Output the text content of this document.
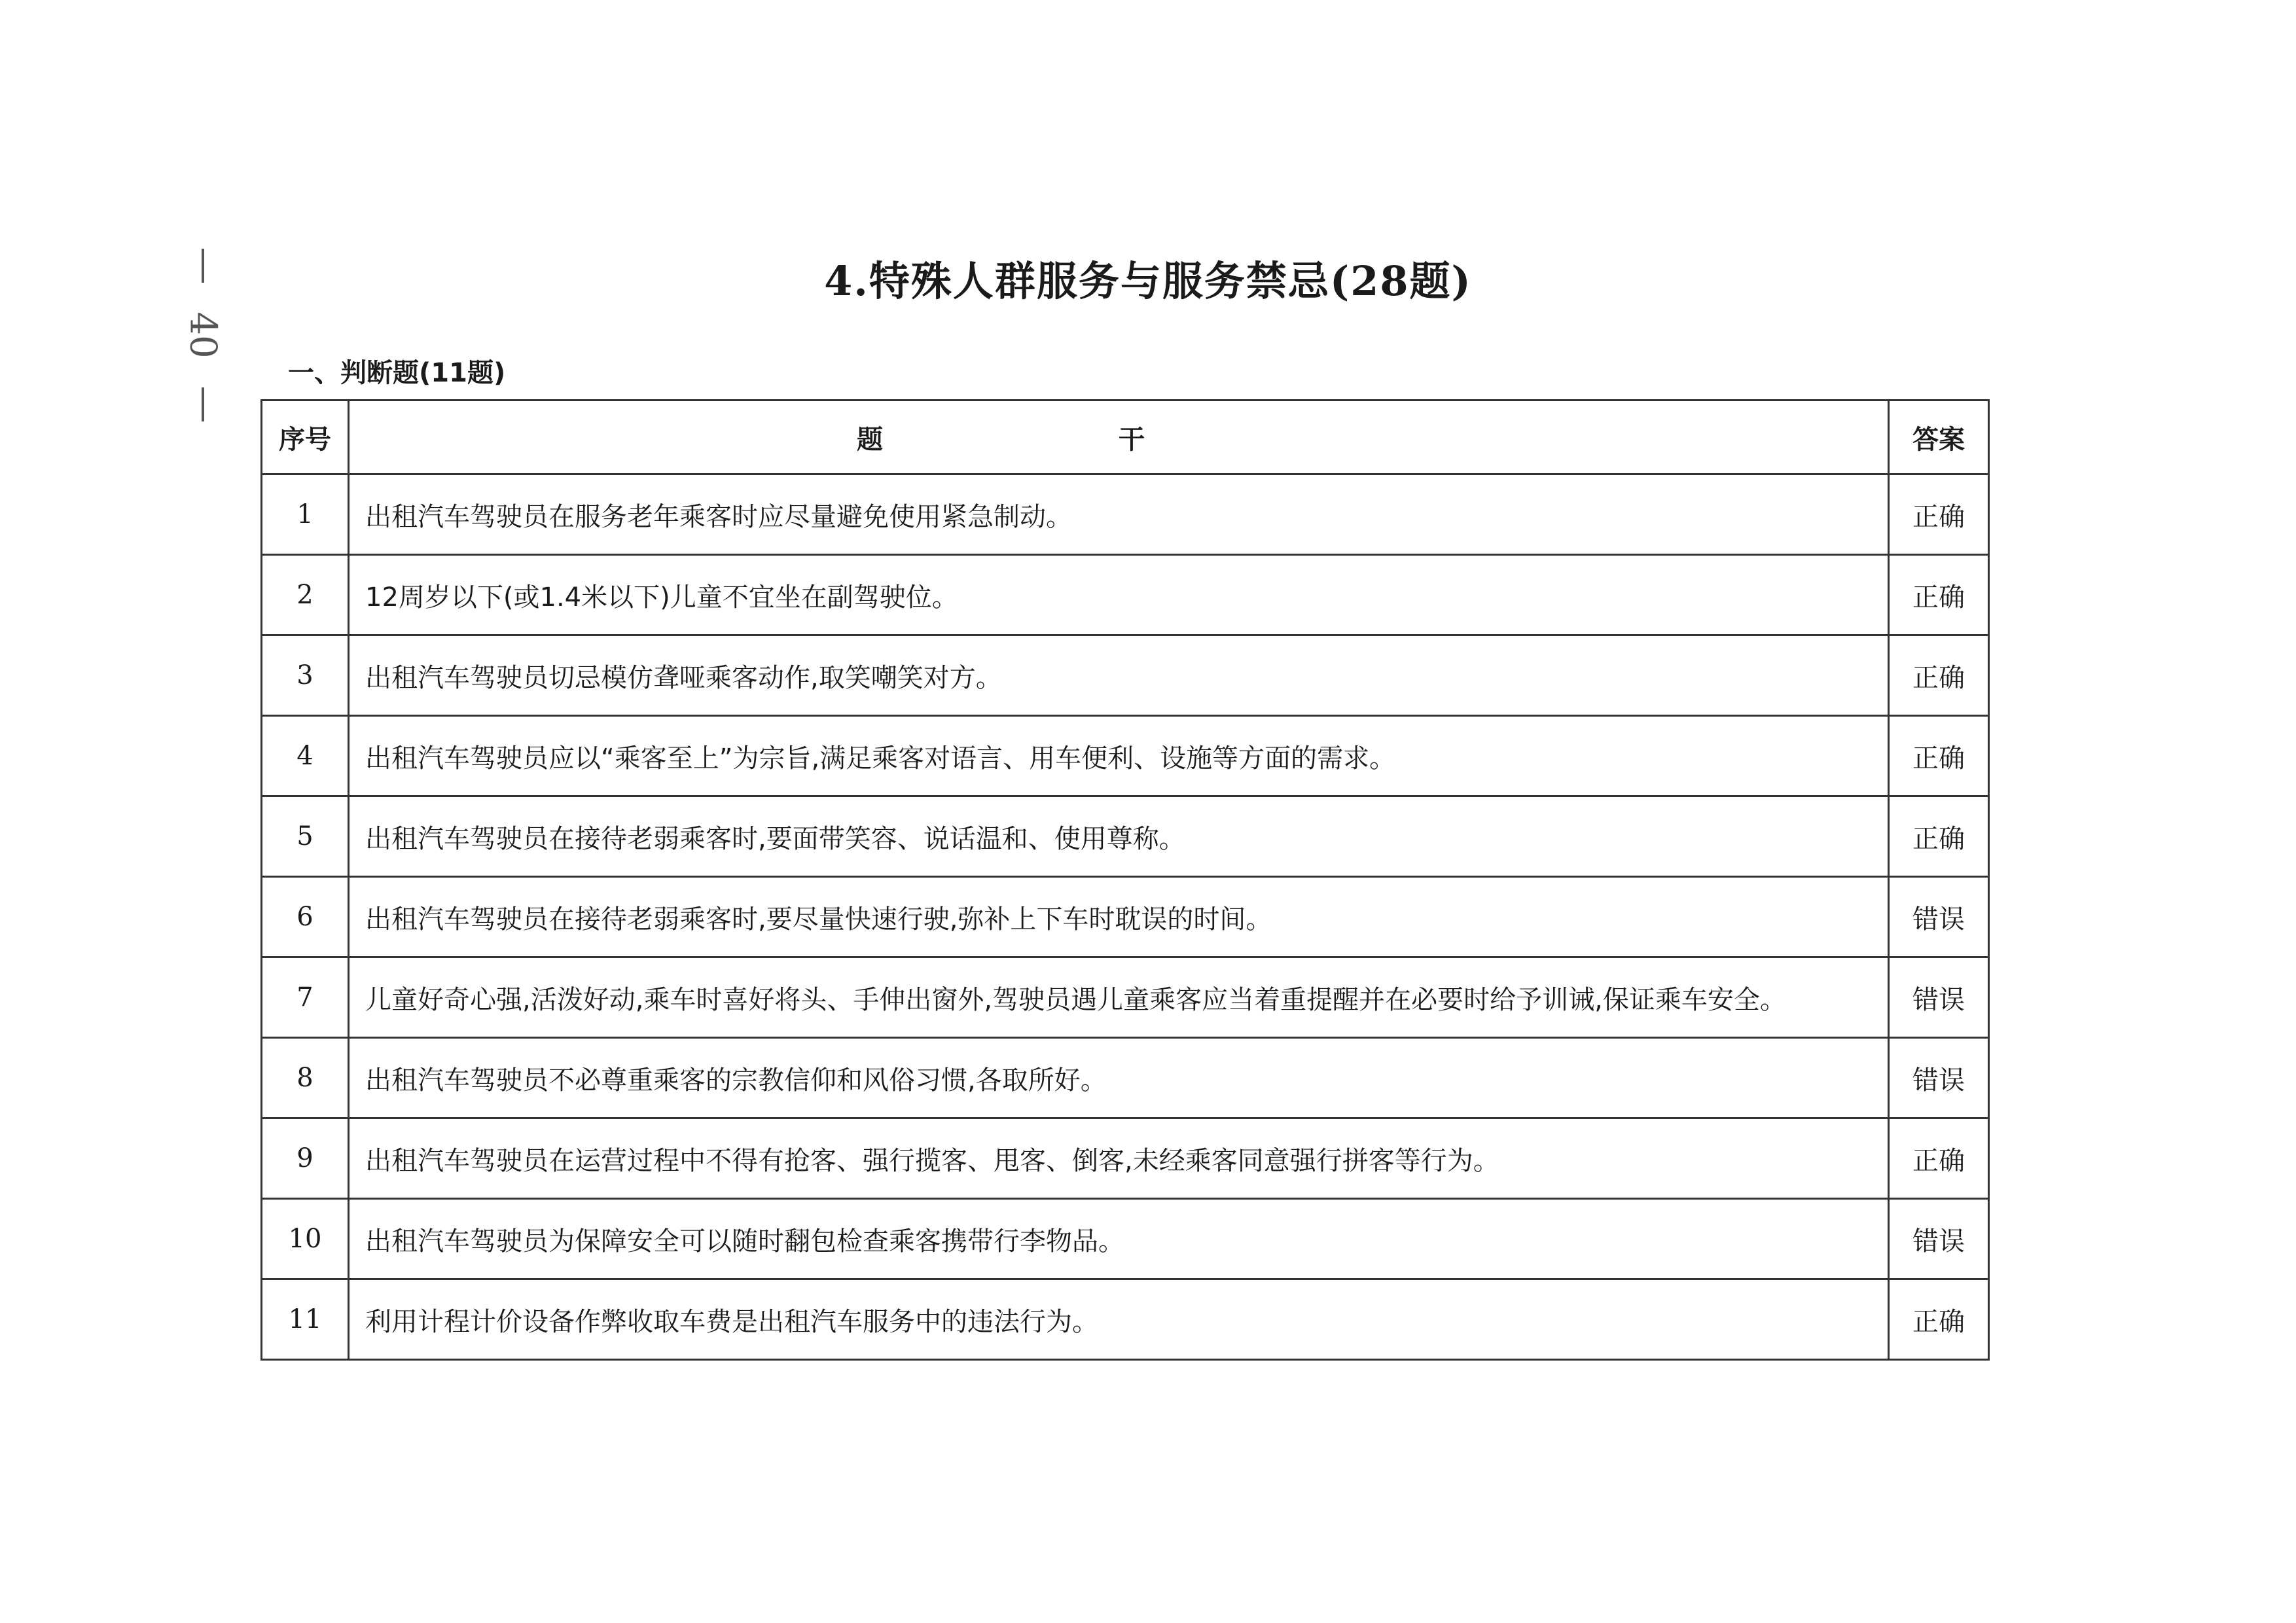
40
4.特殊人群服务与服务禁忌(28题)
一、判断题(11题)
序号	题干	答案
1	出租汽车驾驶员在服务老年乘客时应尽量避免使用紧急制动。	正确
2	12周岁以下(或1.4米以下)儿童不宜坐在副驾驶位。	正确
3	出租汽车驾驶员切忌模仿聋哑乘客动作,取笑嘲笑对方。	正确
4	出租汽车驾驶员应以“乘客至上”为宗旨,满足乘客对语言、用车便利、设施等方面的需求。	正确
5	出租汽车驾驶员在接待老弱乘客时,要面带笑容、说话温和、使用尊称。	正确
6	出租汽车驾驶员在接待老弱乘客时,要尽量快速行驶,弥补上下车时耽误的时间。	错误
7	儿童好奇心强,活泼好动,乘车时喜好将头、手伸出窗外,驾驶员遇儿童乘客应当着重提醒并在必要时给予训诫,保证乘车安全。	错误
8	出租汽车驾驶员不必尊重乘客的宗教信仰和风俗习惯,各取所好。	错误
9	出租汽车驾驶员在运营过程中不得有抢客、强行揽客、甩客、倒客,未经乘客同意强行拼客等行为。	正确
10	出租汽车驾驶员为保障安全可以随时翻包检查乘客携带行李物品。	错误
11	利用计程计价设备作弊收取车费是出租汽车服务中的违法行为。	正确
